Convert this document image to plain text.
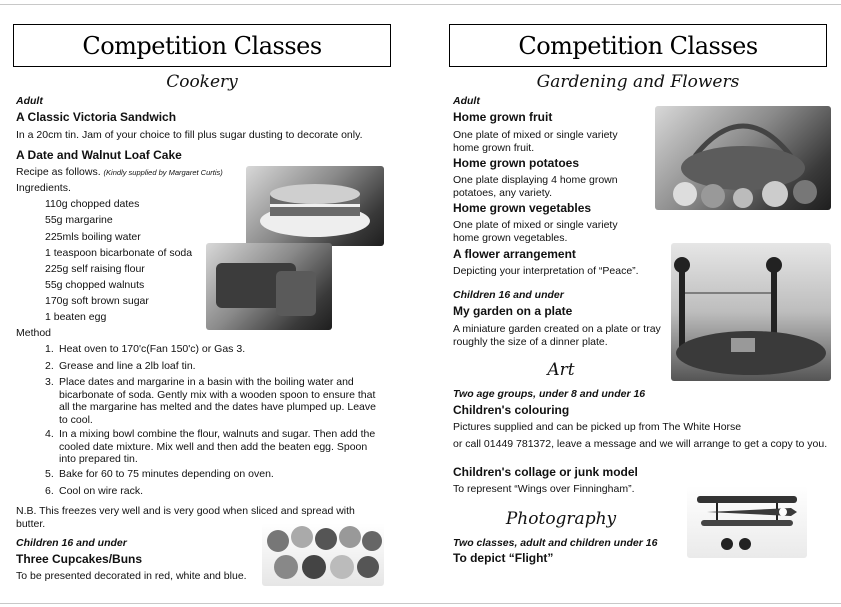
Competition Classes
Cookery
Adult
A Classic Victoria Sandwich
In a 20cm tin. Jam of your choice to fill plus sugar dusting to decorate only.
A Date and Walnut Loaf Cake
Recipe as follows. (Kindly supplied by Margaret Curtis)
Ingredients.
110g chopped dates
55g margarine
225mls boiling water
1 teaspoon bicarbonate of soda
225g self raising flour
55g chopped walnuts
170g soft brown sugar
1 beaten egg
Method
1. Heat oven to 170'c(Fan 150'c) or Gas 3.
2. Grease and line a 2lb loaf tin.
3. Place dates and margarine in a basin with the boiling water and bicarbonate of soda. Gently mix with a wooden spoon to ensure that all the margarine has melted and the dates have plumped up. Leave to cool.
4. In a mixing bowl combine the flour, walnuts and sugar. Then add the cooled date mixture. Mix well and then add the beaten egg. Spoon into prepared tin.
5. Bake for 60 to 75 minutes depending on oven.
6. Cool on wire rack.
N.B. This freezes very well and is very good when sliced and spread with butter.
Children 16 and under
Three Cupcakes/Buns
To be presented decorated in red, white and blue.
Competition Classes
Gardening and Flowers
Adult
Home grown fruit
One plate of mixed or single variety home grown fruit.
Home grown potatoes
One plate displaying 4 home grown potatoes, any variety.
Home grown vegetables
One plate of mixed or single variety home grown vegetables.
A flower arrangement
Depicting your interpretation of “Peace”.
Children 16 and under
My garden on a plate
A miniature garden created on a plate or tray roughly the size of a dinner plate.
Art
Two age groups, under 8 and under 16
Children's colouring
Pictures supplied and can be picked up from The White Horse
or call 01449 781372, leave a message and we will arrange to get a copy to you.
Children's collage or junk model
To represent “Wings over Finningham”.
Photography
Two classes, adult and children under 16
To depict “Flight”
